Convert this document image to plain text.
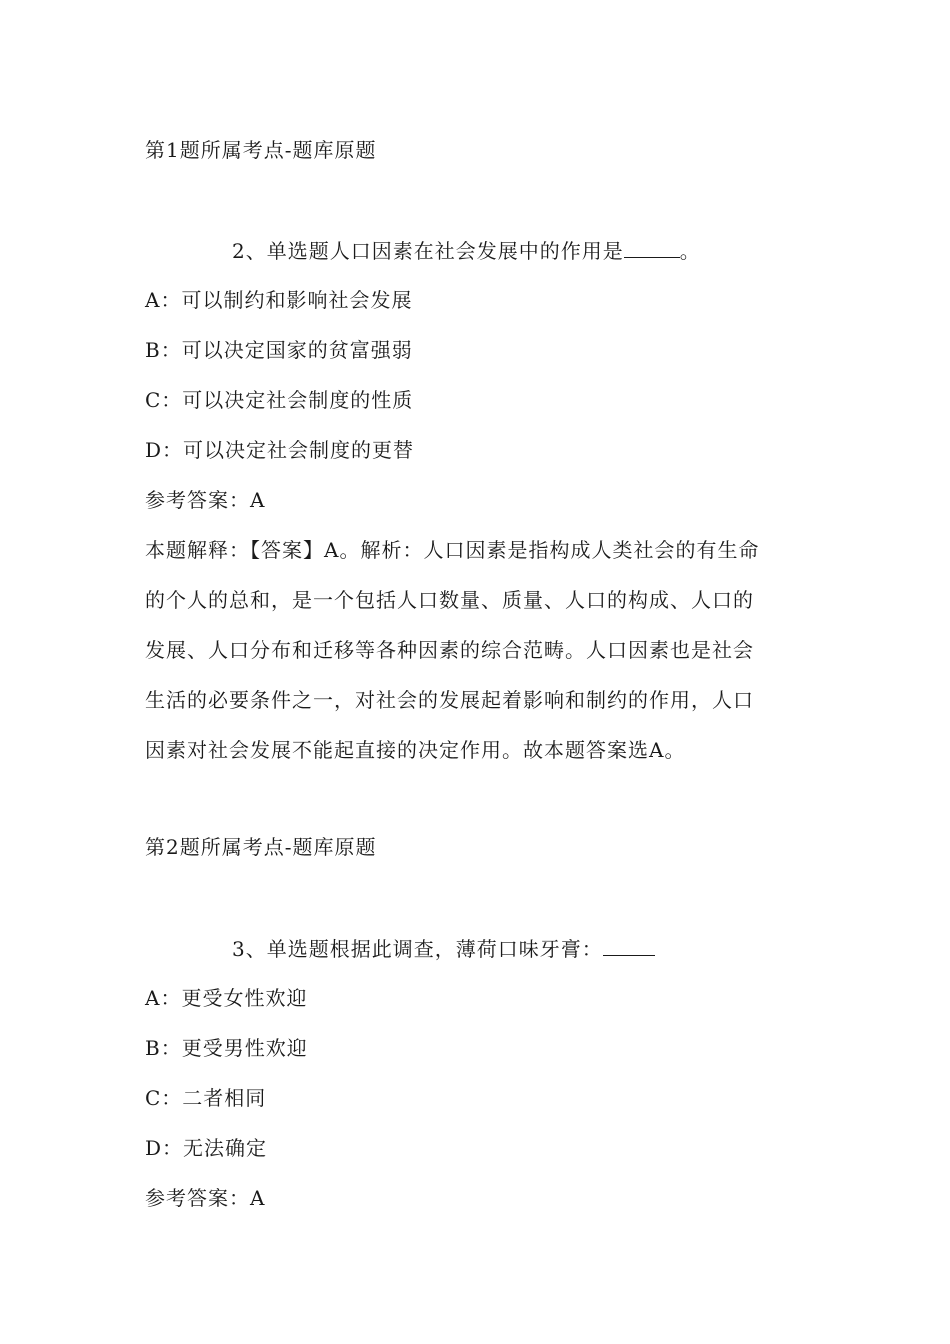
第1题所属考点-题库原题
2、单选题人口因素在社会发展中的作用是	。
A：可以制约和影响社会发展
B：可以决定国家的贫富强弱
C：可以决定社会制度的性质
D：可以决定社会制度的更替
参考答案：A
本题解释：【答案】A。解析：人口因素是指构成人类社会的有生命
的个人的总和，是一个包括人口数量、质量、人口的构成、人口的
发展、人口分布和迁移等各种因素的综合范畴。人口因素也是社会
生活的必要条件之一，对社会的发展起着影响和制约的作用，人口
因素对社会发展不能起直接的决定作用。故本题答案选A。
第2题所属考点-题库原题
3、单选题根据此调查，薄荷口味牙膏：
A：更受女性欢迎
B：更受男性欢迎
C：二者相同
D：无法确定
参考答案：A
